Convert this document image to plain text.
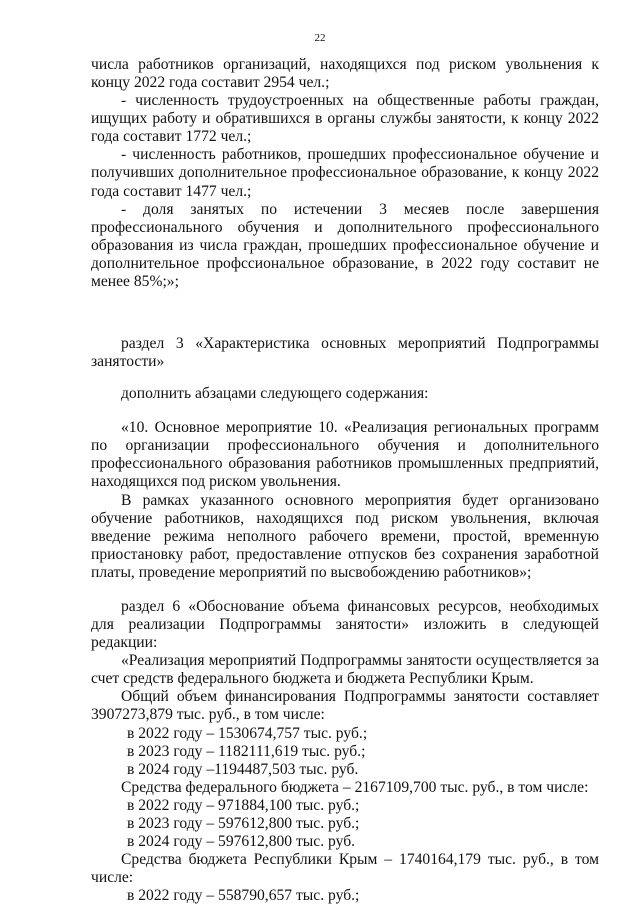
22

числа работников организаций, находящихся под риском увольнения к концу 2022 года составит 2954 чел.;

- численность трудоустроенных на общественные работы граждан, ищущих работу и обратившихся в органы службы занятости, к концу 2022 года составит 1772 чел.;

- численность работников, прошедших профессиональное обучение и получивших дополнительное профессиональное образование, к концу 2022 года составит 1477 чел.;

- доля занятых по истечении 3 месяев после завершения профессионального обучения и дополнительного профессионального образования из числа граждан, прошедших профессиональное обучение и дополнительное профссиональное образование, в 2022 году составит не менее 85%;»;

раздел 3 «Характеристика основных мероприятий Подпрограммы занятости»

дополнить абзацами следующего содержания:

«10. Основное мероприятие 10. «Реализация региональных программ по организации профессионального обучения и дополнительного профессионального образования работников промышленных предприятий, находящихся под риском увольнения.

В рамках указанного основного мероприятия будет организовано обучение работников, находящихся под риском увольнения, включая введение режима неполного рабочего времени, простой, временную приостановку работ, предоставление отпусков без сохранения заработной платы, проведение мероприятий по высвобождению работников»;

раздел 6 «Обоснование объема финансовых ресурсов, необходимых для реализации Подпрограммы занятости» изложить в следующей редакции:

«Реализация мероприятий Подпрограммы занятости осуществляется за счет средств федерального бюджета и бюджета Республики Крым.

Общий объем финансирования Подпрограммы занятости составляет 3907273,879 тыс. руб., в том числе:

в 2022 году – 1530674,757 тыс. руб.;
в 2023 году – 1182111,619 тыс. руб.;
в 2024 году –1194487,503 тыс. руб.

Средства федерального бюджета – 2167109,700 тыс. руб., в том числе:

в 2022 году – 971884,100 тыс. руб.;
в 2023 году – 597612,800 тыс. руб.;
в 2024 году – 597612,800 тыс. руб.

Средства бюджета Республики Крым – 1740164,179 тыс. руб., в том числе:

в 2022 году – 558790,657 тыс. руб.;
